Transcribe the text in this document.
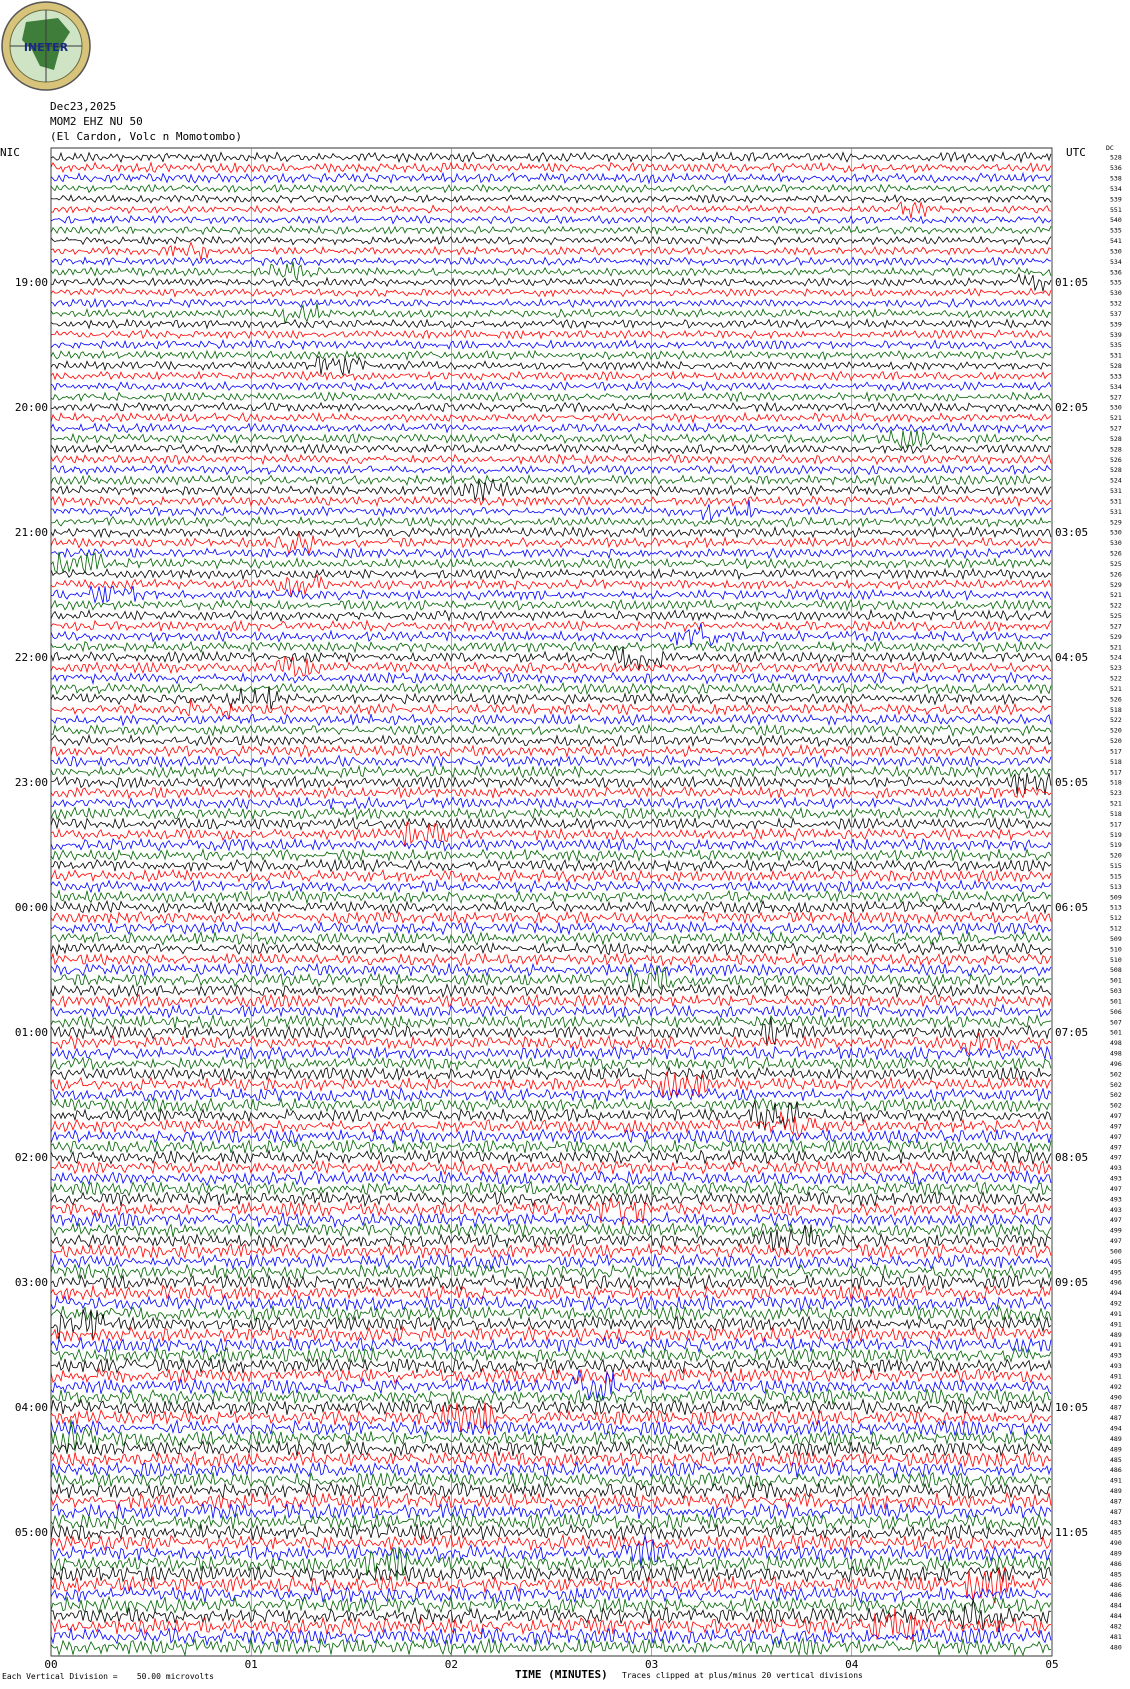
INETER
Dec23,2025
MOM2 EHZ NU 50
(El Cardon, Volc n Momotombo)
528
536
538
534
539
551
540
535
541
530
534
536
535
530
532
537
539
539
535
531
528
533
534
527
530
521
527
528
528
526
528
524
531
531
531
529
530
530
526
525
526
529
521
522
525
527
529
521
524
523
522
521
526
518
522
520
520
517
518
517
518
523
521
518
517
519
519
520
515
515
513
509
513
512
512
509
510
510
508
501
503
501
506
507
501
498
498
496
502
502
502
502
497
497
497
497
497
493
493
497
493
493
497
499
497
500
495
495
496
494
492
491
491
489
491
493
493
491
492
490
487
487
494
489
489
485
486
491
489
487
487
483
485
490
489
486
485
486
486
484
484
482
481
480
00	01	02	03	04	05
NIC	UTC	DC
19:00	01:05
20:00	02:05
21:00	03:05
22:00	04:05
23:00	05:05
00:00	06:05
01:00	07:05
02:00	08:05
03:00	09:05
04:00	10:05
05:00	11:05
Each Vertical Division =    50.00 microvolts	TIME (MINUTES) Traces clipped at plus/minus 20 vertical divisions
